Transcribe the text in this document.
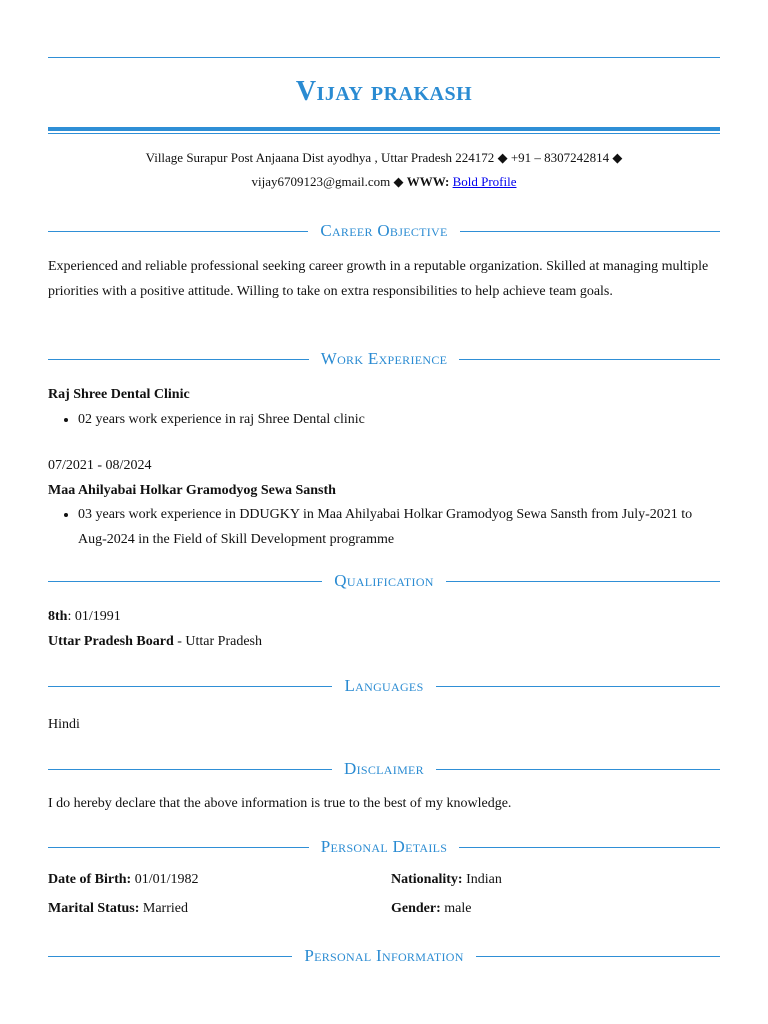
Vijay prakash
Village Surapur Post Anjaana Dist ayodhya , Uttar Pradesh 224172 ◆ +91 – 8307242814 ◆
vijay6709123@gmail.com ◆ WWW: Bold Profile
Career Objective
Experienced and reliable professional seeking career growth in a reputable organization. Skilled at managing multiple priorities with a positive attitude. Willing to take on extra responsibilities to help achieve team goals.
Work Experience
Raj Shree Dental Clinic
• 02 years work experience in raj Shree Dental clinic
07/2021 - 08/2024
Maa Ahilyabai Holkar Gramodyog Sewa Sansth
• 03 years work experience in DDUGKY in Maa Ahilyabai Holkar Gramodyog Sewa Sansth from July-2021 to Aug-2024 in the Field of Skill Development programme
Qualification
8th: 01/1991
Uttar Pradesh Board - Uttar Pradesh
Languages
Hindi
Disclaimer
I do hereby declare that the above information is true to the best of my knowledge.
Personal Details
Date of Birth: 01/01/1982	Nationality: Indian
Marital Status: Married	Gender: male
Personal Information
